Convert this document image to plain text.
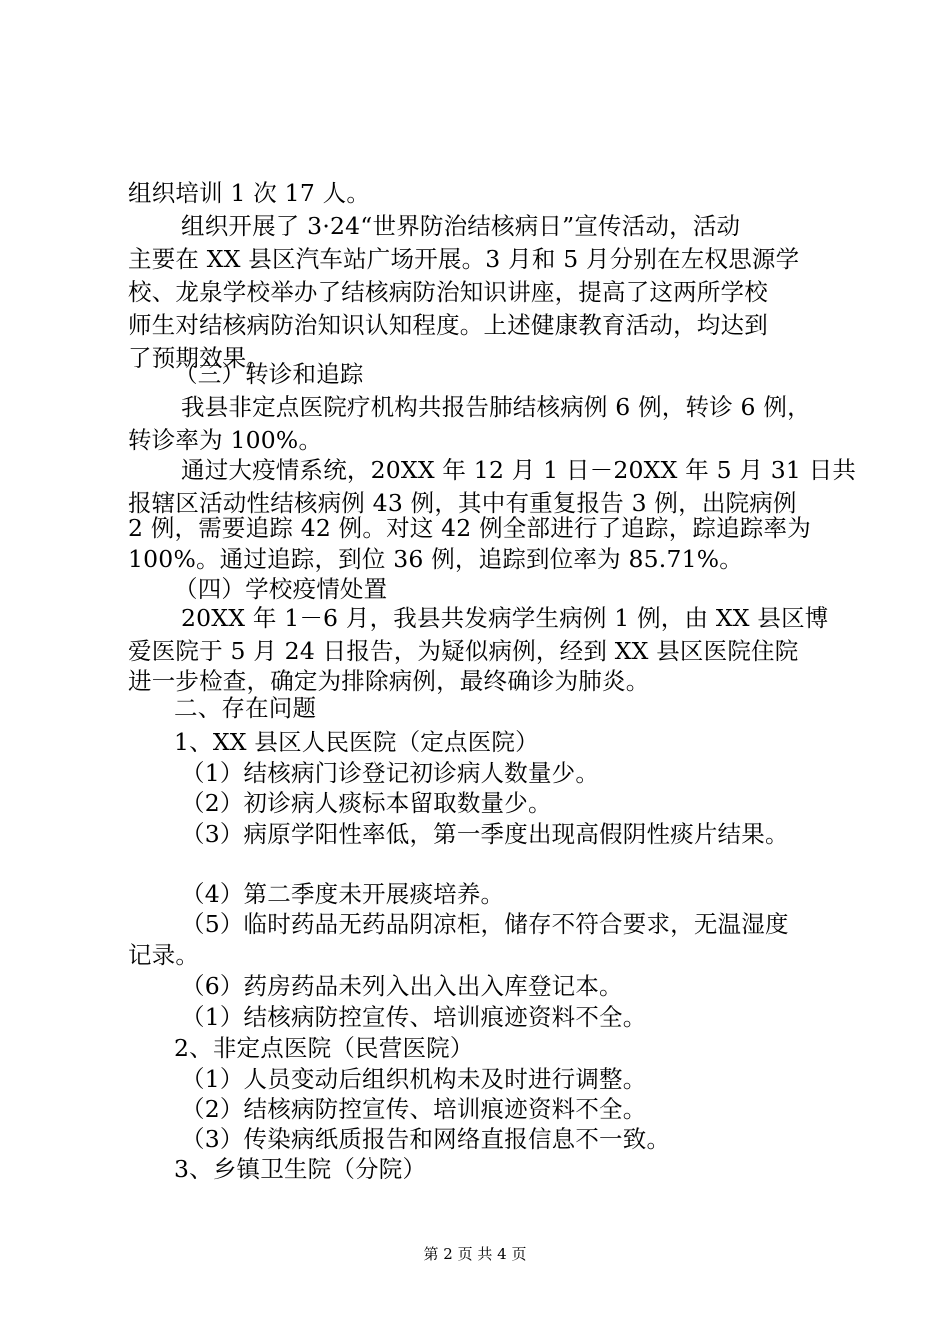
组织培训 1 次 17 人。
组织开展了 3·24“世界防治结核病日”宣传活动，活动
主要在 XX 县区汽车站广场开展。3 月和 5 月分别在左权思源学
校、龙泉学校举办了结核病防治知识讲座，提高了这两所学校
师生对结核病防治知识认知程度。上述健康教育活动，均达到
了预期效果。
（三）转诊和追踪
我县非定点医院疗机构共报告肺结核病例 6 例，转诊 6 例，
转诊率为 100%。
通过大疫情系统，20XX 年 12 月 1 日－20XX 年 5 月 31 日共
报辖区活动性结核病例 43 例，其中有重复报告 3 例，出院病例
2 例，需要追踪 42 例。对这 42 例全部进行了追踪，踪追踪率为
100%。通过追踪，到位 36 例，追踪到位率为 85.71%。
（四）学校疫情处置
20XX 年 1－6 月，我县共发病学生病例 1 例，由 XX 县区博
爱医院于 5 月 24 日报告，为疑似病例，经到 XX 县区医院住院
进一步检查，确定为排除病例，最终确诊为肺炎。
二、存在问题
1、XX 县区人民医院（定点医院）
（1）结核病门诊登记初诊病人数量少。
（2）初诊病人痰标本留取数量少。
（3）病原学阳性率低，第一季度出现高假阴性痰片结果。
（4）第二季度未开展痰培养。
（5）临时药品无药品阴凉柜，储存不符合要求，无温湿度
记录。
（6）药房药品未列入出入出入库登记本。
（1）结核病防控宣传、培训痕迹资料不全。
2、非定点医院（民营医院）
（1）人员变动后组织机构未及时进行调整。
（2）结核病防控宣传、培训痕迹资料不全。
（3）传染病纸质报告和网络直报信息不一致。
3、乡镇卫生院（分院）
第 2 页 共 4 页
